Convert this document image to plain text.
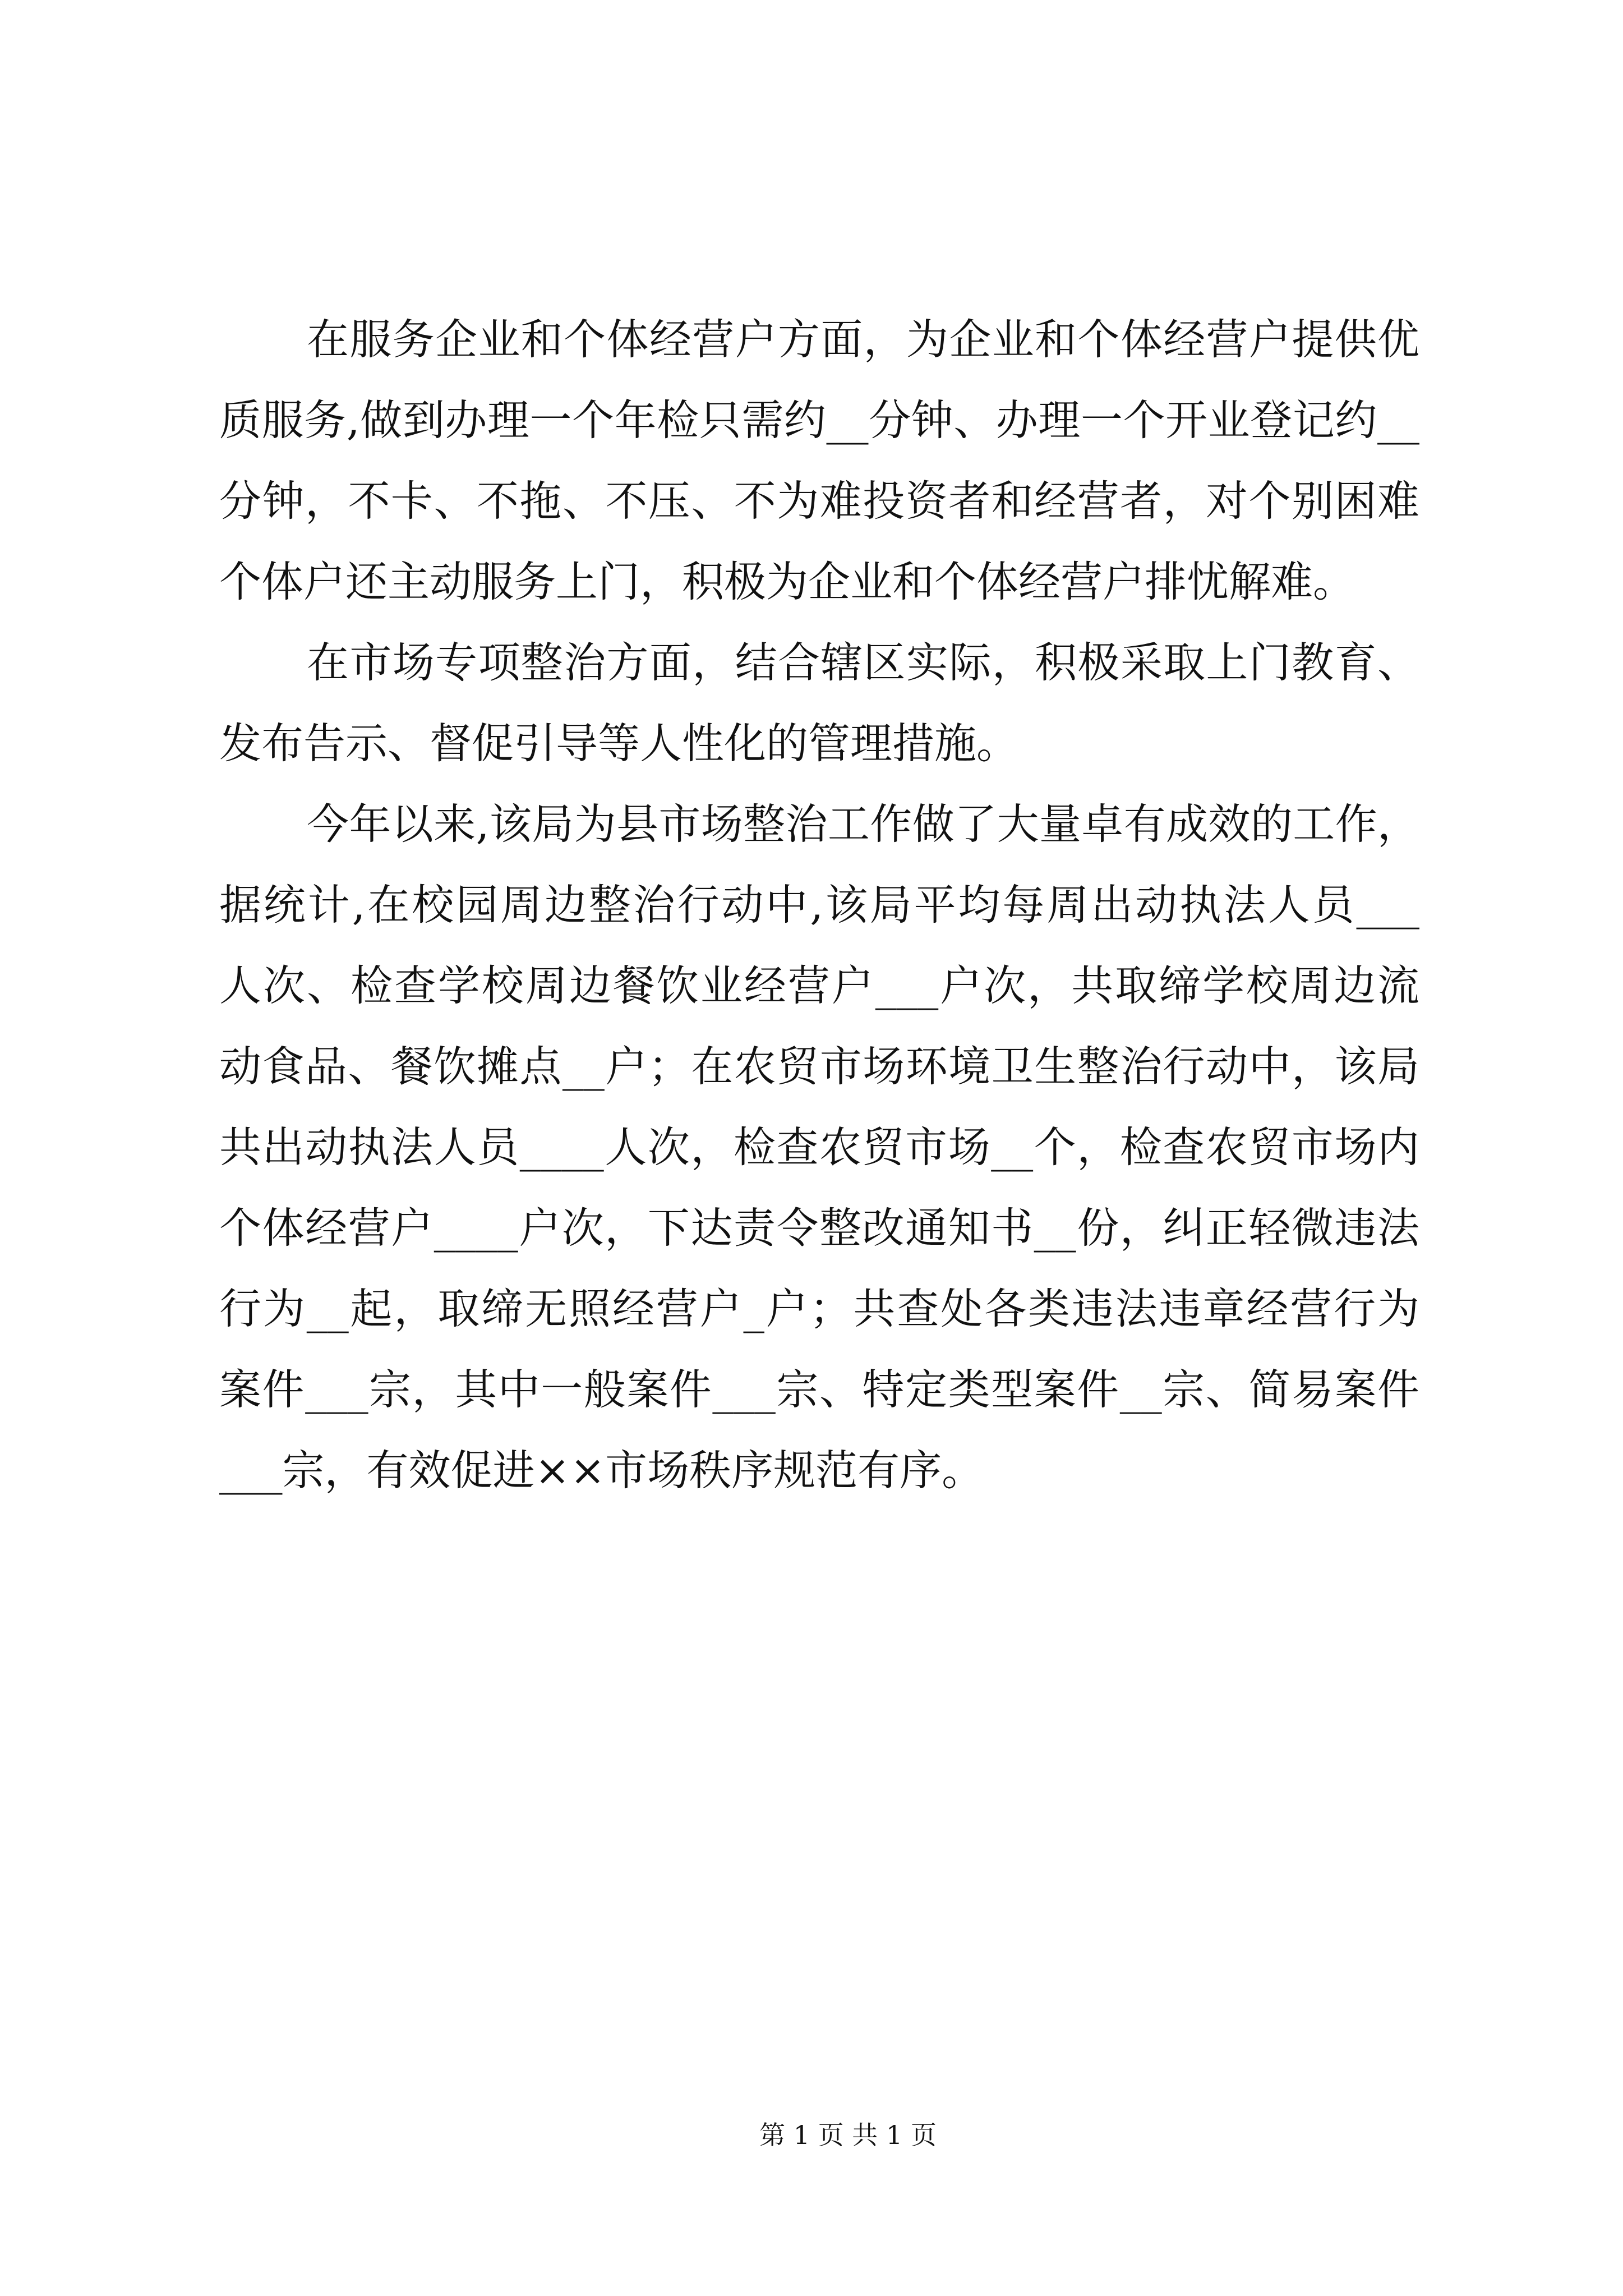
在服务企业和个体经营户方面，为企业和个体经营户提供优
质服务,做到办理一个年检只需约__分钟、办理一个开业登记约__
分钟，不卡、不拖、不压、不为难投资者和经营者，对个别困难
个体户还主动服务上门，积极为企业和个体经营户排忧解难。
在市场专项整治方面，结合辖区实际，积极采取上门教育、
发布告示、督促引导等人性化的管理措施。
今年以来,该局为县市场整治工作做了大量卓有成效的工作，
据统计,在校园周边整治行动中,该局平均每周出动执法人员___
人次、检查学校周边餐饮业经营户___户次，共取缔学校周边流
动食品、餐饮摊点__户；在农贸市场环境卫生整治行动中，该局
共出动执法人员____人次，检查农贸市场__个，检查农贸市场内
个体经营户____户次，下达责令整改通知书__份，纠正轻微违法
行为__起，取缔无照经营户_户；共查处各类违法违章经营行为
案件___宗，其中一般案件___宗、特定类型案件__宗、简易案件
___宗，有效促进××市场秩序规范有序。
第 1 页 共 1 页
